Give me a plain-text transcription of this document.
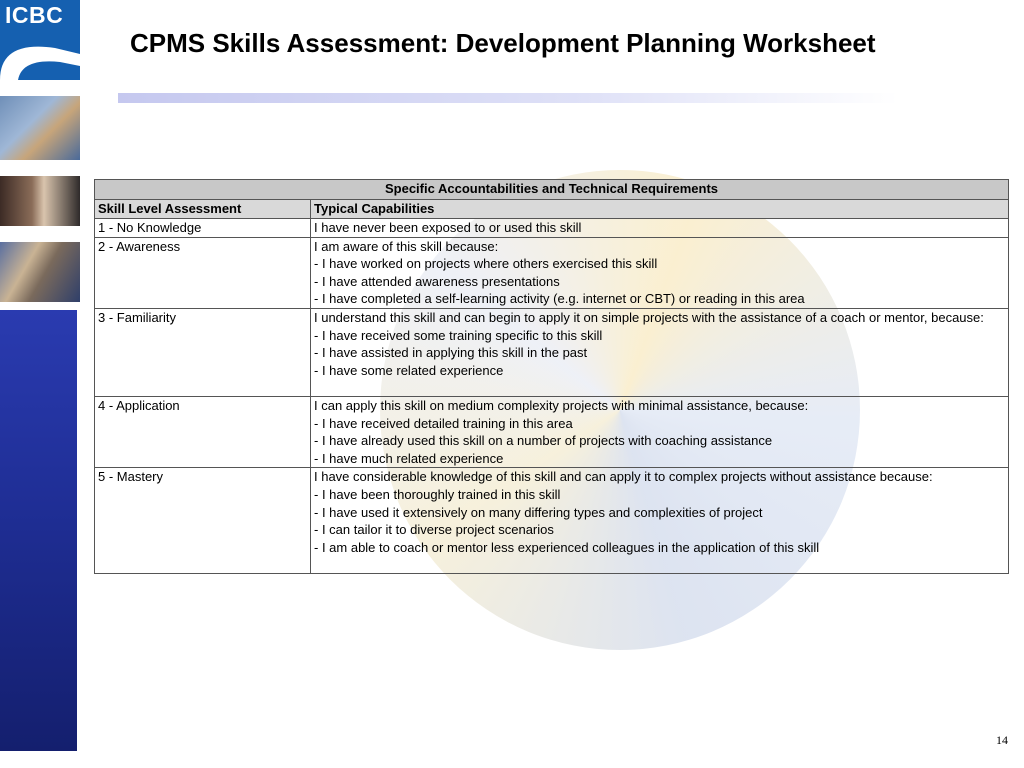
ICBC
CPMS Skills Assessment: Development Planning Worksheet
Specific Accountabilities and Technical Requirements	
Skill Level Assessment	Typical Capabilities
1 - No Knowledge	I have never been exposed to or used this skill

2 - Awareness	I am aware of this skill because:
- I have worked on projects where others exercised this skill
- I have attended awareness presentations
- I have completed a self-learning activity (e.g. internet or CBT) or reading in this area

3 - Familiarity	I understand this skill and can begin to apply it on simple projects with the assistance of a coach or mentor, because:
- I have received some training specific to this skill
- I have assisted in applying this skill in the past
- I have some related experience

4 - Application	I can apply this skill on medium complexity projects with minimal assistance, because:
- I have received detailed training in this area
- I have already used this skill on a number of projects with coaching assistance
- I have much related experience

5 - Mastery	I have considerable knowledge of this skill and can apply it to complex projects without assistance because:
- I have been thoroughly trained in this skill
- I have used it extensively on many differing types and complexities of project
- I can tailor it to diverse project scenarios
- I am able to coach or mentor less experienced colleagues in the application of this skill
14
